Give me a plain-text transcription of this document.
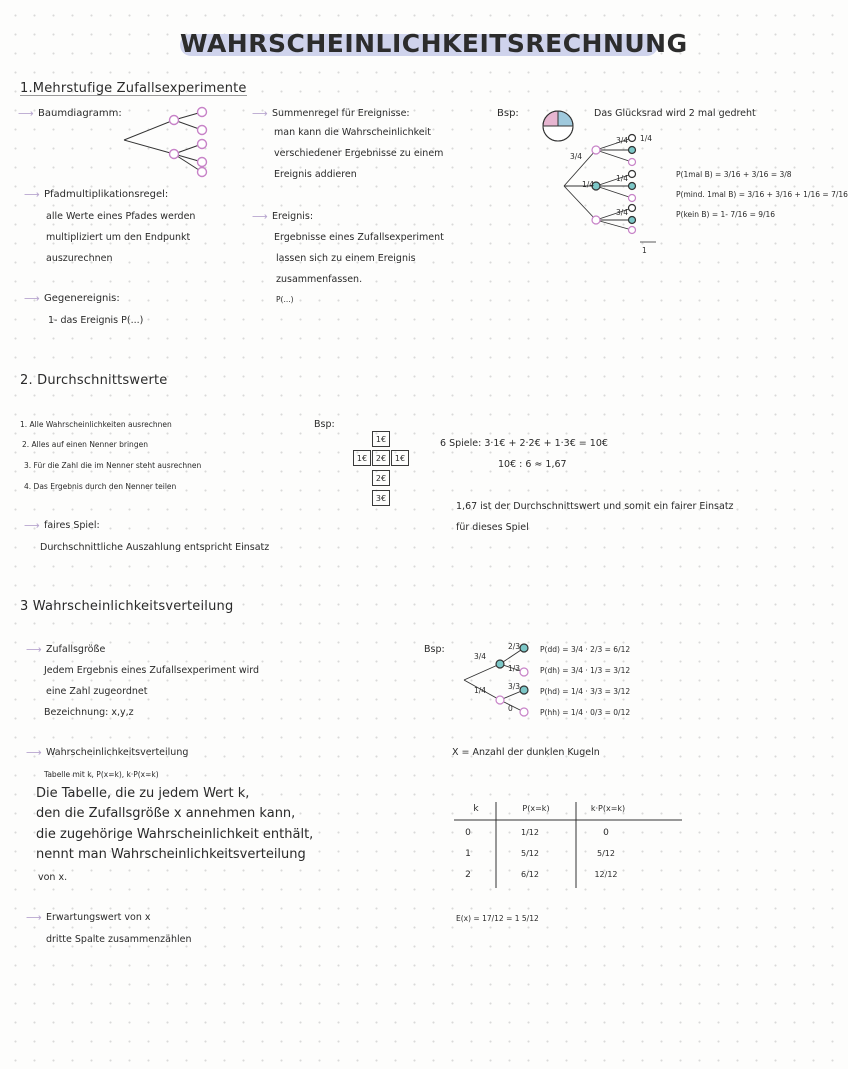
WAHRSCHEINLICHKEITSRECHNUNG
1.Mehrstufige Zufallsexperimente
⟶ Baumdiagramm:	⟶ Summenregel für Ereignisse:
man kann die Wahrscheinlichkeit
verschiedener Ergebnisse zu einem
Ereignis addieren
Bsp:	Das Glücksrad wird 2 mal gedreht
3/4
1/4
3/4
1/4
3/4
1/4
1
P(1mal B) = 3/16 + 3/16 = 3/8
P(mind. 1mal B) = 3/16 + 3/16 + 1/16 = 7/16
P(kein B) = 1- 7/16 = 9/16
⟶ Pfadmultiplikationsregel:
alle Werte eines Pfades werden
multipliziert um den Endpunkt
auszurechnen
⟶ Ereignis:
Ergebnisse eines Zufallsexperiment
lassen sich zu einem Ereignis
zusammenfassen.
P(...)
⟶ Gegenereignis:
1- das Ereignis P(...)
2. Durchschnittswerte
1. Alle Wahrscheinlichkeiten ausrechnen
2. Alles auf einen Nenner bringen
3. Für die Zahl die im Nenner steht ausrechnen
4. Das Ergebnis durch den Nenner teilen
Bsp:
1€
1€	2€	1€
2€
3€
6 Spiele: 3·1€ + 2·2€ + 1·3€ = 10€
10€ : 6 ≈ 1,67
1,67 ist der Durchschnittswert und somit ein fairer Einsatz
für dieses Spiel
⟶ faires Spiel:
Durchschnittliche Auszahlung entspricht Einsatz
3 Wahrscheinlichkeitsverteilung
⟶ Zufallsgröße
Jedem Ergebnis eines Zufallsexperiment wird
eine Zahl zugeordnet
Bezeichnung: x,y,z
Bsp:
3/4
1/4
2/3
1/3
3/3
0
P(dd) = 3/4 · 2/3 = 6/12
P(dh) = 3/4 · 1/3 = 3/12
P(hd) = 1/4 · 3/3 = 3/12
P(hh) = 1/4 · 0/3 = 0/12
⟶ Wahrscheinlichkeitsverteilung
Tabelle mit k, P(x=k), k·P(x=k)
Die Tabelle, die zu jedem Wert k,
den die Zufallsgröße x annehmen kann,
die zugehörige Wahrscheinlichkeit enthält,
nennt man Wahrscheinlichkeitsverteilung
von x.
X = Anzahl der dunklen Kugeln
k	P(x=k)	k·P(x=k)
0	1/12	0
1	5/12	5/12
2	6/12	12/12
⟶ Erwartungswert von x
dritte Spalte zusammenzählen
E(x) = 17/12 = 1 5/12
